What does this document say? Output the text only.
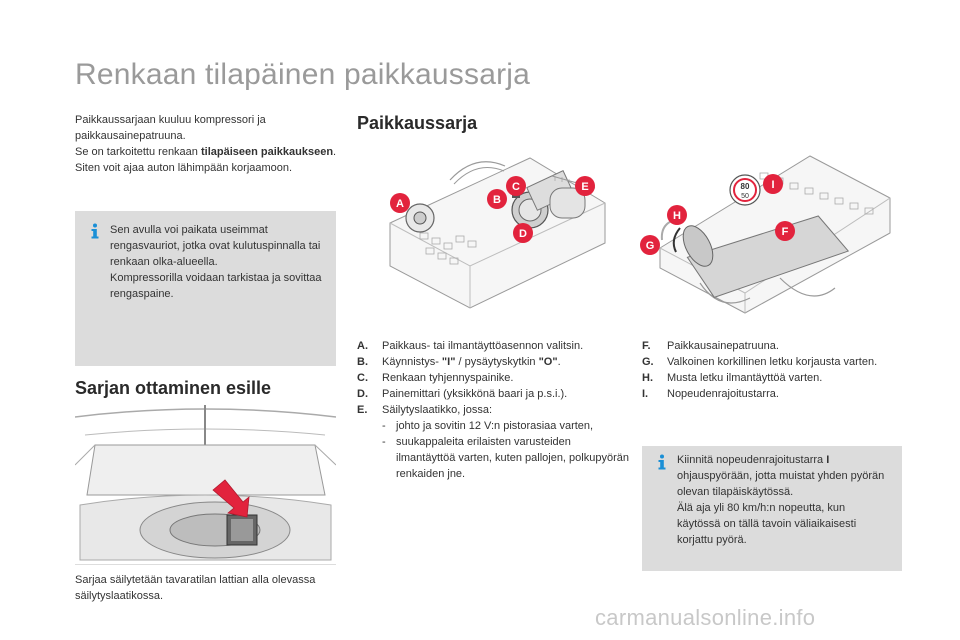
Renkaan tilapäinen paikkaussarja

Paikkaussarjaan kuuluu kompressori ja paikkausainepatruuna.

Se on tarkoitettu renkaan tilapäiseen paikkaukseen.

Siten voit ajaa auton lähimpään korjaamoon.

Sen avulla voi paikata useimmat rengasvauriot, jotka ovat kulutuspinnalla tai renkaan olka-alueella.

Kompressorilla voidaan tarkistaa ja sovittaa rengaspaine.

Paikkaussarja
Sarjan ottaminen esille
A	B
C	E
D
80
50
I
H
F
G
Sarjaa säilytetään tavaratilan lattian alla olevassa säilytyslaatikossa.
A.	Paikkaus- tai ilmantäyttöasennon valitsin.
B.	Käynnistys- "I" / pysäytyskytkin "O".
C.	Renkaan tyhjennyspainike.
D.	Painemittari (yksikkönä baari ja p.s.i.).
E.	Säilytyslaatikko, jossa:
- johto ja sovitin 12 V:n pistorasiaa varten,
- suukappaleita erilaisten varusteiden ilmantäyttöä varten, kuten pallojen, polkupyörän renkaiden jne.
F.	Paikkausainepatruuna.
G.	Valkoinen korkillinen letku korjausta varten.
H.	Musta letku ilmantäyttöä varten.
I.	Nopeudenrajoitustarra.

Kiinnitä nopeudenrajoitustarra I ohjauspyörään, jotta muistat yhden pyörän olevan tilapäiskäytössä.

Älä aja yli 80 km/h:n nopeutta, kun käytössä on tällä tavoin väliaikaisesti korjattu pyörä.

carmanualsonline.info
